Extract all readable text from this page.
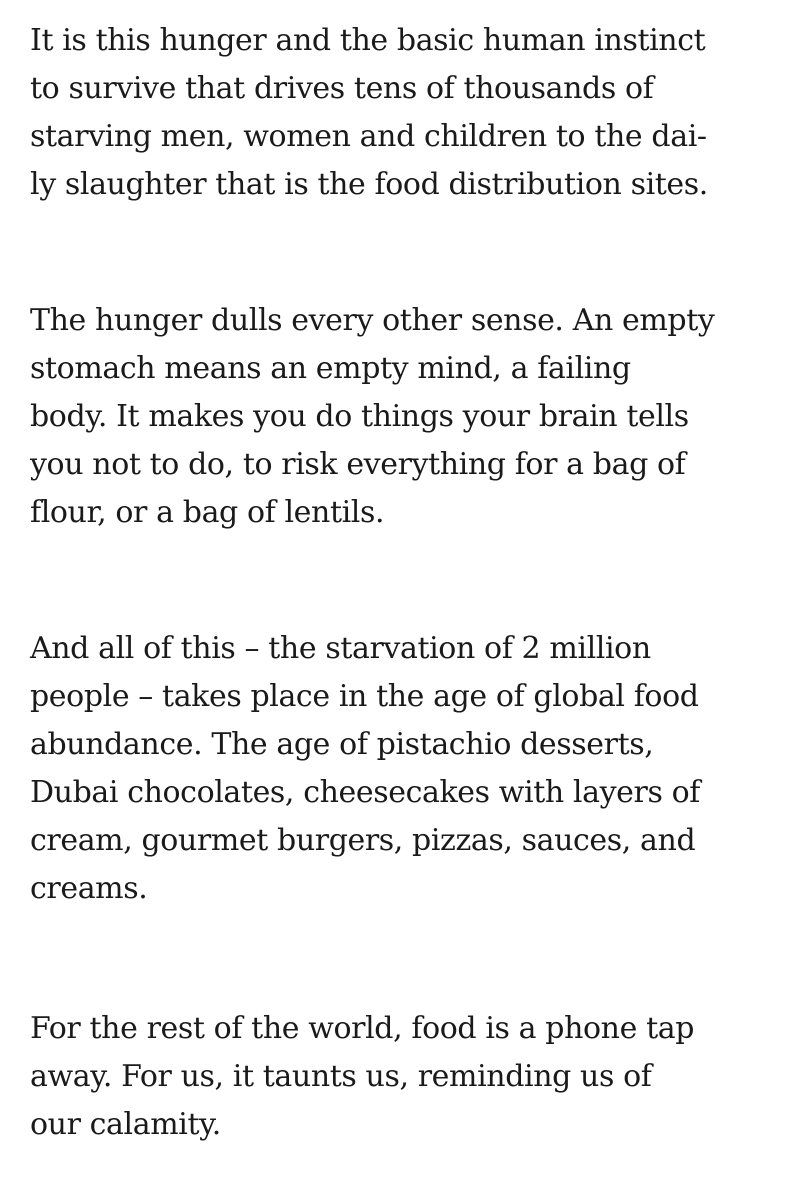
It is this hunger and the basic human instinct
to survive that drives tens of thousands of
starving men, women and children to the dai-
ly slaughter that is the food distribution sites.

The hunger dulls every other sense. An empty
stomach means an empty mind, a failing
body. It makes you do things your brain tells
you not to do, to risk everything for a bag of
flour, or a bag of lentils.

And all of this – the starvation of 2 million
people – takes place in the age of global food
abundance. The age of pistachio desserts,
Dubai chocolates, cheesecakes with layers of
cream, gourmet burgers, pizzas, sauces, and
creams.

For the rest of the world, food is a phone tap
away. For us, it taunts us, reminding us of
our calamity.
